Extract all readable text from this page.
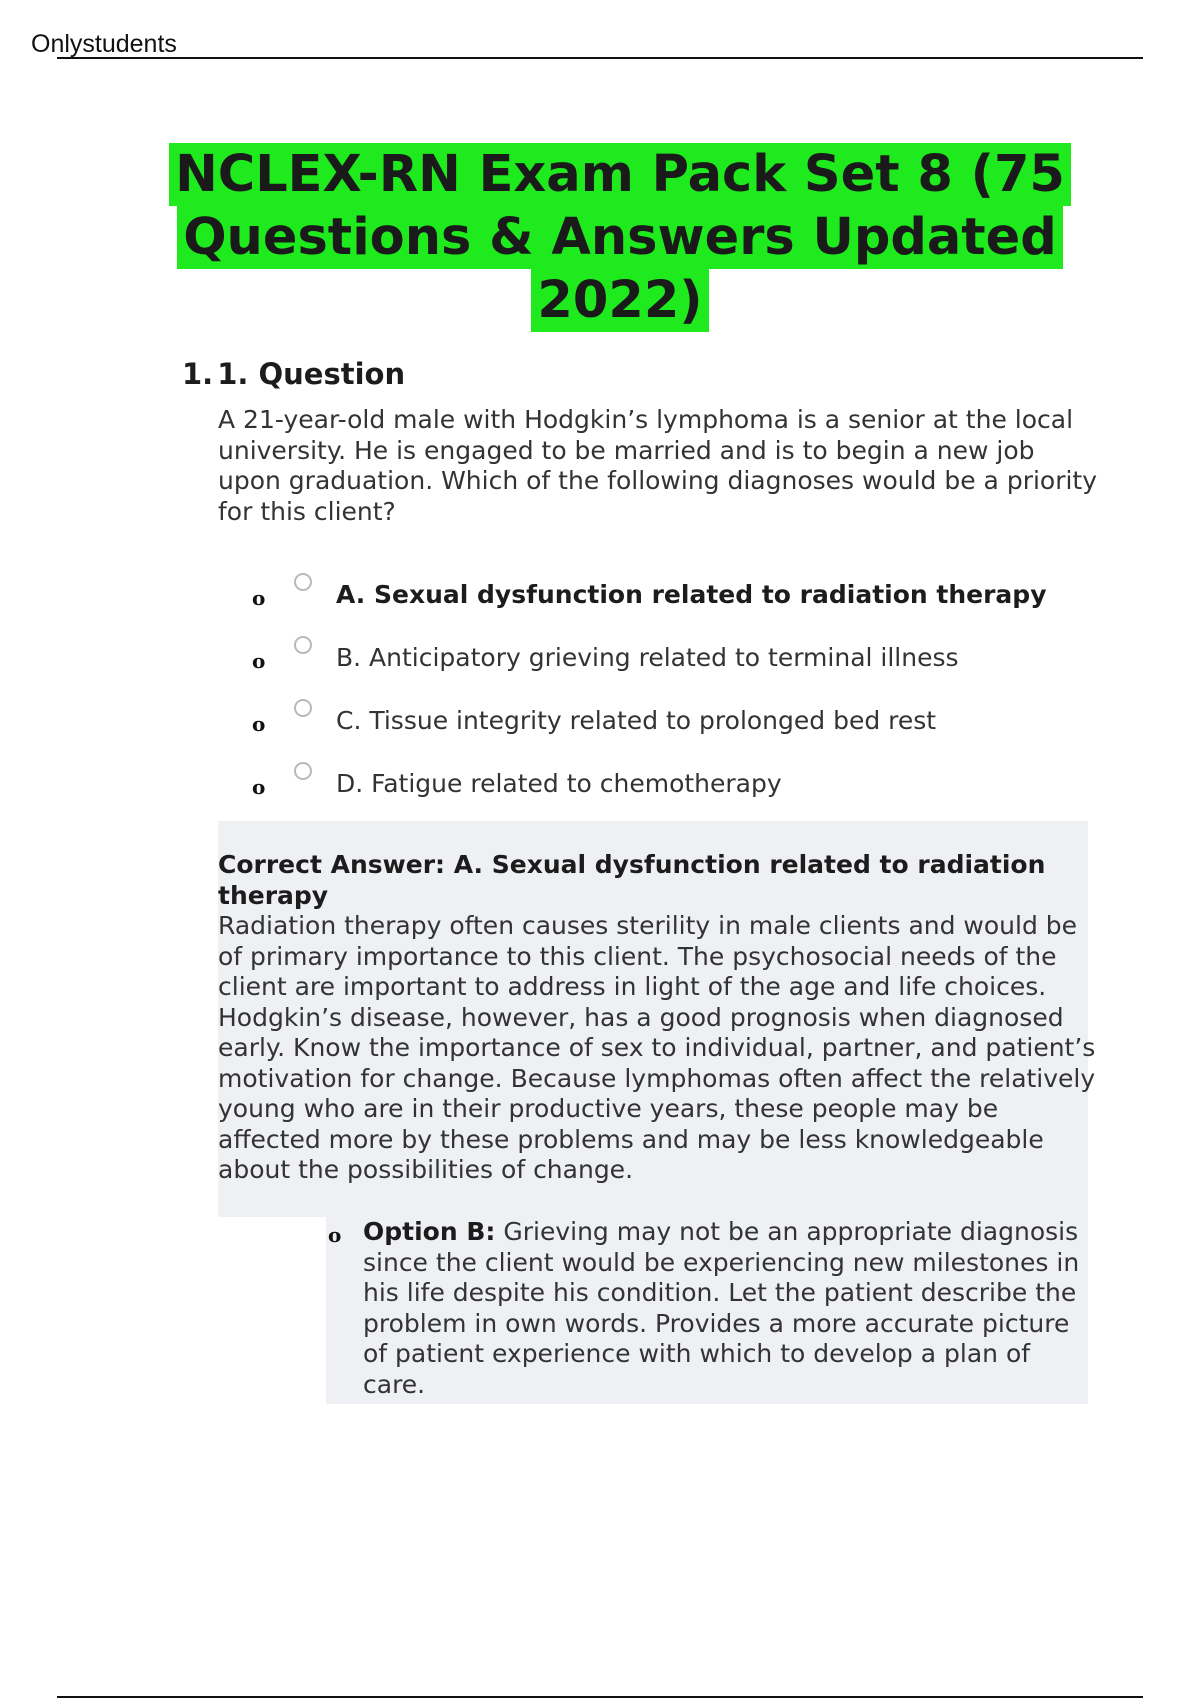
Onlystudents
NCLEX-RN Exam Pack Set 8 (75
Questions & Answers Updated
2022)
1. 1. Question
A 21-year-old male with Hodgkin’s lymphoma is a senior at the local university. He is engaged to be married and is to begin a new job upon graduation. Which of the following diagnoses would be a priority for this client?
o	A. Sexual dysfunction related to radiation therapy
o	B. Anticipatory grieving related to terminal illness
o	C. Tissue integrity related to prolonged bed rest
o	D. Fatigue related to chemotherapy
Correct Answer: A. Sexual dysfunction related to radiation therapy
Radiation therapy often causes sterility in male clients and would be of primary importance to this client. The psychosocial needs of the client are important to address in light of the age and life choices. Hodgkin’s disease, however, has a good prognosis when diagnosed early. Know the importance of sex to individual, partner, and patient’s motivation for change. Because lymphomas often affect the relatively young who are in their productive years, these people may be affected more by these problems and may be less knowledgeable about the possibilities of change.
o Option B: Grieving may not be an appropriate diagnosis since the client would be experiencing new milestones in his life despite his condition. Let the patient describe the problem in own words. Provides a more accurate picture of patient experience with which to develop a plan of care.
